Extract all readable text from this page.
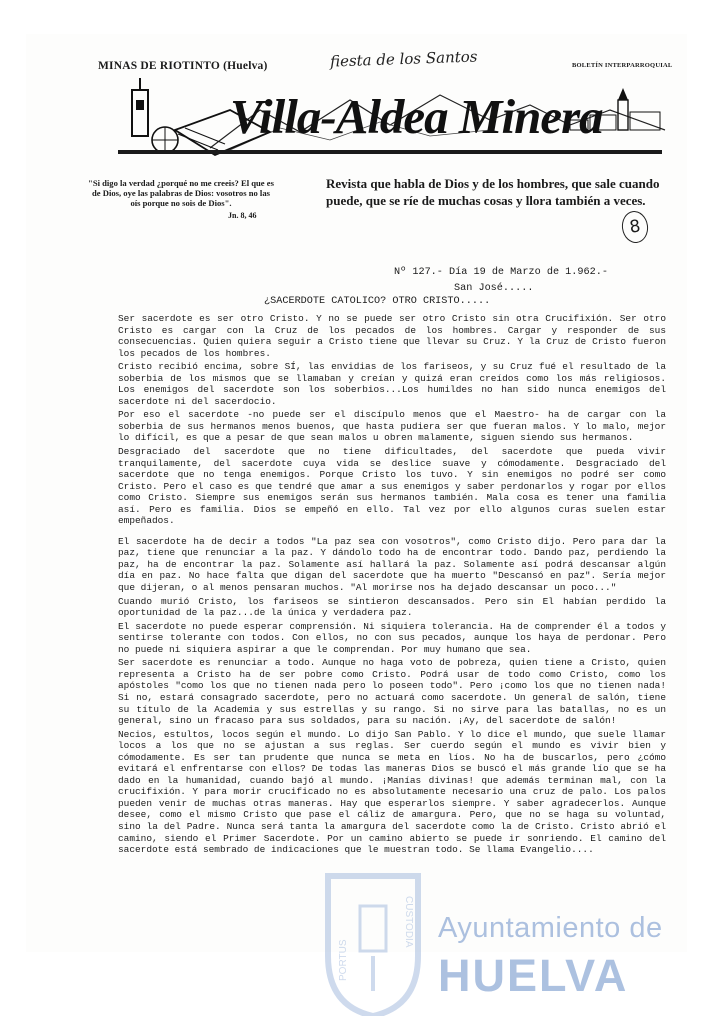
MINAS DE RIOTINTO (Huelva)	BOLETÍN INTERPARROQUIAL
fiesta de los Santos
Villa-Aldea Minera
"Si digo la verdad ¿porqué no me creeis? El que es de Dios, oye las palabras de Dios: vosotros no las oís porque no sois de Dios".
Jn. 8, 46
Revista que habla de Dios y de los hombres, que sale cuando puede, que se ríe de muchas cosas y llora también a veces.
8
Nº 127.- Día 19 de Marzo de 1.962.-
San José.....
¿SACERDOTE CATOLICO? OTRO CRISTO.....

Ser sacerdote es ser otro Cristo. Y no se puede ser otro Cristo sin otra Crucifixión. Ser otro Cristo es cargar con la Cruz de los pecados de los hombres. Cargar y responder de sus consecuencias. Quien quiera seguir a Cristo tiene que llevar su Cruz. Y la Cruz de Cristo fueron los pecados de los hombres.

Cristo recibió encima, sobre SÍ, las envidias de los fariseos, y su Cruz fué el resultado de la soberbia de los mismos que se llamaban y creían y quizá eran creídos como los más religiosos. Los enemigos del sacerdote son los soberbios...Los humildes no han sido nunca enemigos del sacerdote ni del sacerdocio.

Por eso el sacerdote -no puede ser el discípulo menos que el Maestro- ha de cargar con la soberbia de sus hermanos menos buenos, que hasta pudiera ser que fueran malos. Y lo malo, mejor lo difícil, es que a pesar de que sean malos u obren malamente, siguen siendo sus hermanos.

Desgraciado del sacerdote que no tiene dificultades, del sacerdote que pueda vivir tranquilamente, del sacerdote cuya vida se deslice suave y cómodamente. Desgraciado del sacerdote que no tenga enemigos. Porque Cristo los tuvo. Y sin enemigos no podré ser como Cristo. Pero el caso es que tendré que amar a sus enemigos y saber perdonarlos y rogar por ellos como Cristo. Siempre sus enemigos serán sus hermanos también. Mala cosa es tener una familia así. Pero es familia. Dios se empeñó en ello. Tal vez por ello algunos curas suelen estar empeñados.

El sacerdote ha de decir a todos "La paz sea con vosotros", como Cristo dijo. Pero para dar la paz, tiene que renunciar a la paz. Y dándolo todo ha de encontrar todo. Dando paz, perdiendo la paz, ha de encontrar la paz. Solamente así hallará la paz. Solamente así podrá descansar algún día en paz. No hace falta que digan del sacerdote que ha muerto "Descansó en paz". Sería mejor que dijeran, o al menos pensaran muchos. "Al morirse nos ha dejado descansar un poco..."

Cuando murió Cristo, los fariseos se sintieron descansados. Pero sin El habían perdido la oportunidad de la paz...de la única y verdadera paz.

El sacerdote no puede esperar comprensión. Ni siquiera tolerancia. Ha de comprender él a todos y sentirse tolerante con todos. Con ellos, no con sus pecados, aunque los haya de perdonar. Pero no puede ni siquiera aspirar a que le comprendan. Por muy humano que sea.

Ser sacerdote es renunciar a todo. Aunque no haga voto de pobreza, quien tiene a Cristo, quien representa a Cristo ha de ser pobre como Cristo. Podrá usar de todo como Cristo, como los apóstoles "como los que no tienen nada pero lo poseen todo". Pero ¡como los que no tienen nada! Si no, estará consagrado sacerdote, pero no actuará como sacerdote. Un general de salón, tiene su título de la Academia y sus estrellas y su rango. Si no sirve para las batallas, no es un general, sino un fracaso para sus soldados, para su nación. ¡Ay, del sacerdote de salón!

Necios, estultos, locos según el mundo. Lo dijo San Pablo. Y lo dice el mundo, que suele llamar locos a los que no se ajustan a sus reglas. Ser cuerdo según el mundo es vivir bien y cómodamente. Es ser tan prudente que nunca se meta en líos. No ha de buscarlos, pero ¿cómo evitará el enfrentarse con ellos? De todas las maneras Dios se buscó el más grande lío que se ha dado en la humanidad, cuando bajó al mundo. ¡Manías divinas! que además terminan mal, con la crucifixión. Y para morir crucificado no es absolutamente necesario una cruz de palo. Los palos pueden venir de muchas otras maneras. Hay que esperarlos siempre. Y saber agradecerlos. Aunque desee, como el mismo Cristo que pase el cáliz de amargura. Pero, que no se haga su voluntad, sino la del Padre. Nunca será tanta la amargura del sacerdote como la de Cristo. Cristo abrió el camino, siendo el Primer Sacerdote. Por un camino abierto se puede ir sonriendo. El camino del sacerdote está sembrado de indicaciones que le muestran todo. Se llama Evangelio....

PORTUS
CUSTODIA Ayuntamiento de
HUELVA
